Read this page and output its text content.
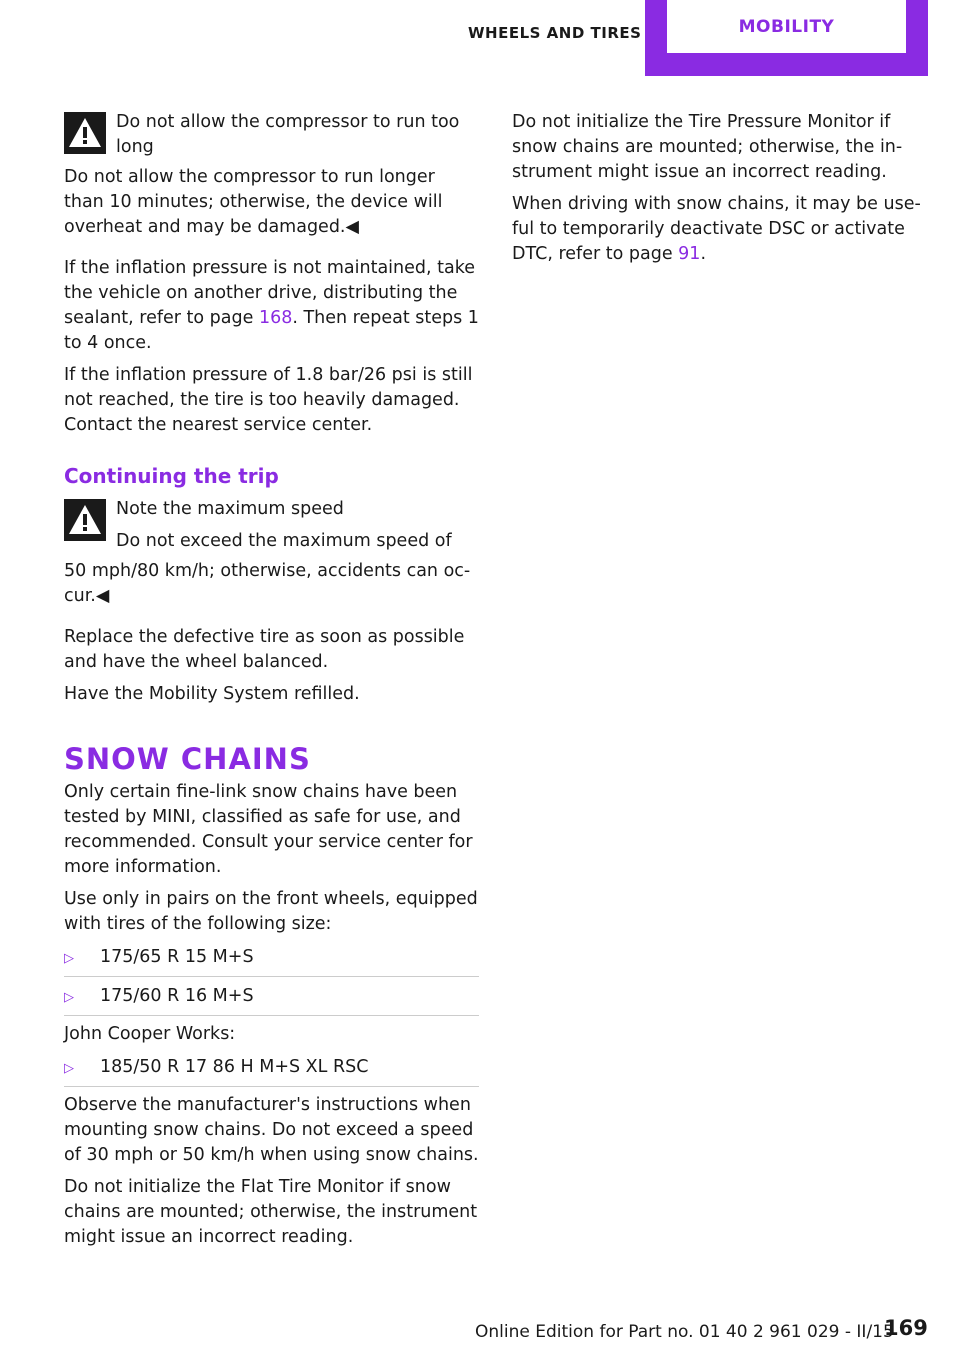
WHEELS AND TIRES	MOBILITY

Do not allow the compressor to run too long

Do not allow the compressor to run longer than 10 minutes; otherwise, the device will overheat and may be damaged.◀

If the inflation pressure is not maintained, take the vehicle on another drive, distributing the sealant, refer to page 168. Then repeat steps 1 to 4 once.

If the inflation pressure of 1.8 bar/26 psi is still not reached, the tire is too heavily damaged. Contact the nearest service center.

Continuing the trip

Note the maximum speed

Do not exceed the maximum speed of

50 mph/80 km/h; otherwise, accidents can oc‐cur.◀

Replace the defective tire as soon as possible and have the wheel balanced.

Have the Mobility System refilled.

SNOW CHAINS

Only certain fine-link snow chains have been tested by MINI, classified as safe for use, and recommended. Consult your service center for more information.

Use only in pairs on the front wheels, equipped with tires of the following size:

▷	175/65 R 15 M+S
▷	175/60 R 16 M+S

John Cooper Works:

▷	185/50 R 17 86 H M+S XL RSC

Observe the manufacturer's instructions when mounting snow chains. Do not exceed a speed of 30 mph or 50 km/h when using snow chains.

Do not initialize the Flat Tire Monitor if snow chains are mounted; otherwise, the instrument might issue an incorrect reading.

Do not initialize the Tire Pressure Monitor if snow chains are mounted; otherwise, the in‐strument might issue an incorrect reading.

When driving with snow chains, it may be use‐ful to temporarily deactivate DSC or activate DTC, refer to page 91.

Online Edition for Part no. 01 40 2 961 029 - II/15
169
